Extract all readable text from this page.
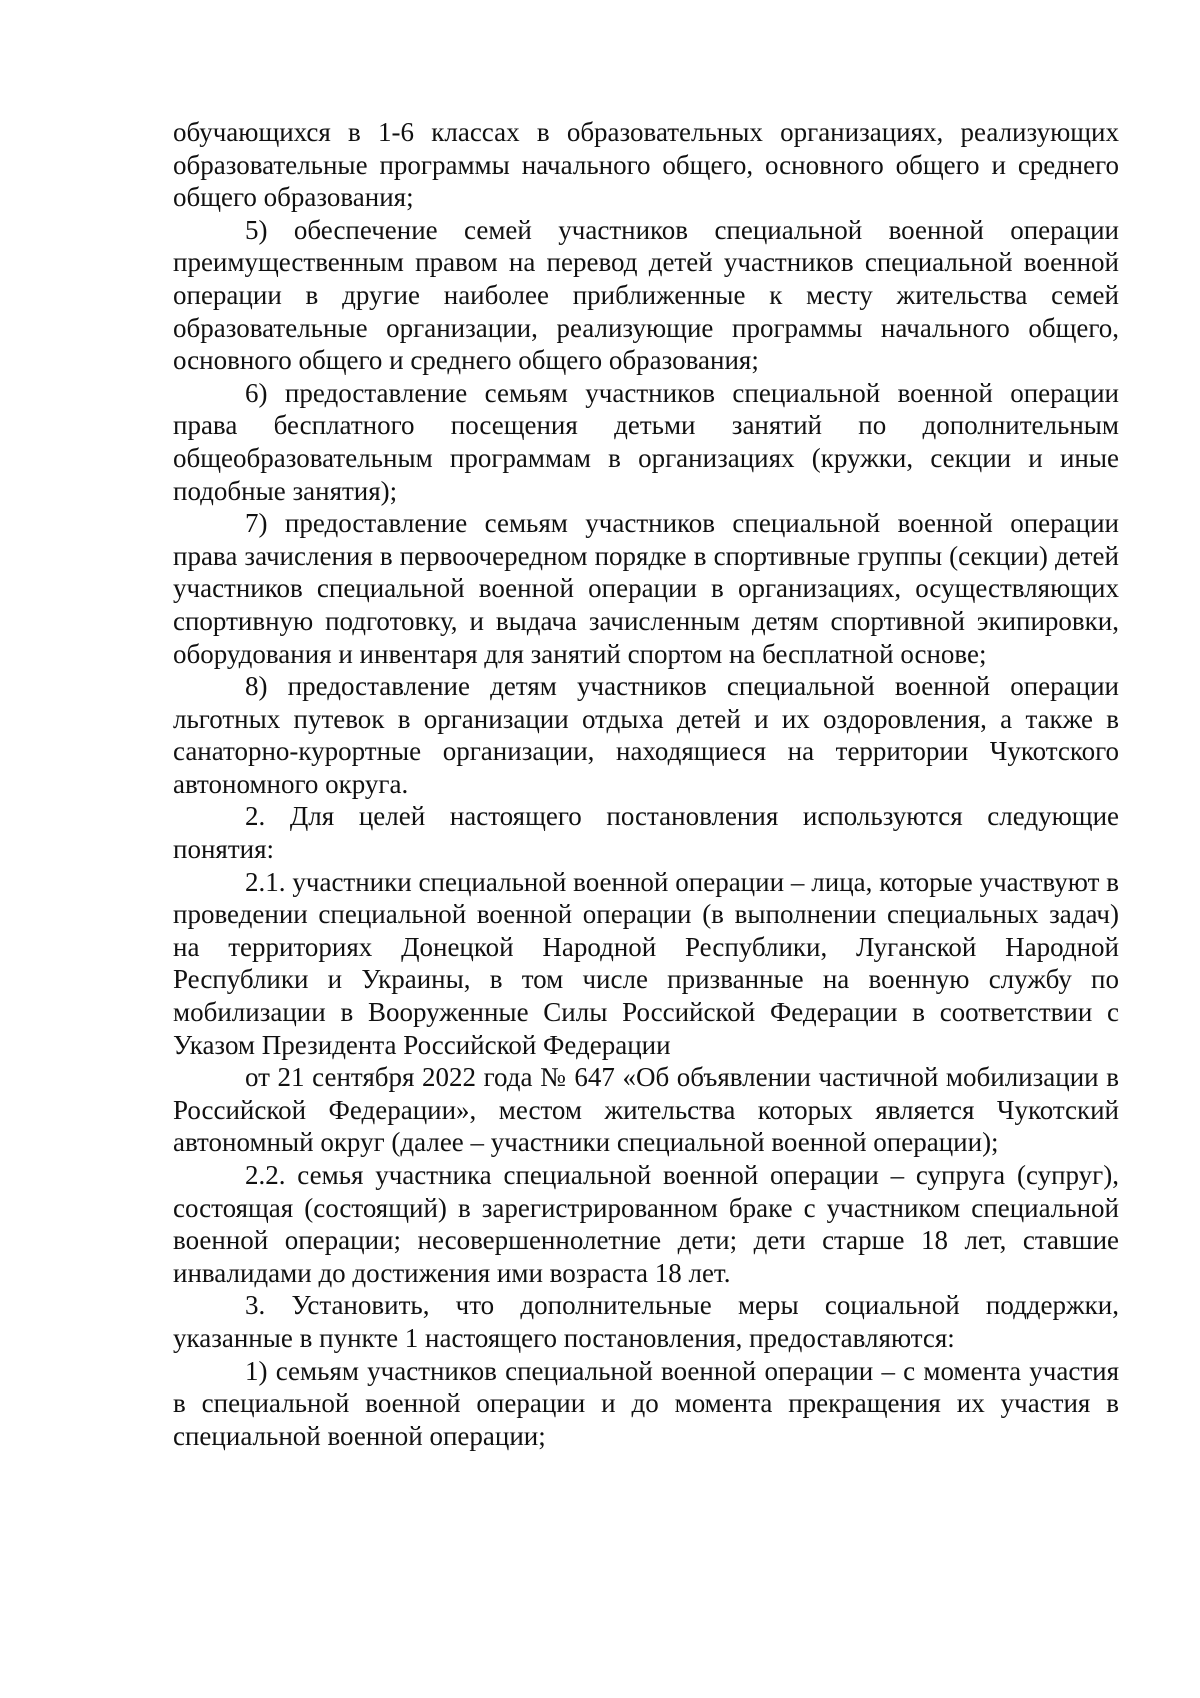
обучающихся в 1-6 классах в образовательных организациях, реализующих образовательные программы начального общего, основного общего и среднего общего образования;

5) обеспечение семей участников специальной военной операции преимущественным правом на перевод детей участников специальной военной операции в другие наиболее приближенные к месту жительства семей образовательные организации, реализующие программы начального общего, основного общего и среднего общего образования;

6) предоставление семьям участников специальной военной операции права бесплатного посещения детьми занятий по дополнительным общеобразовательным программам в организациях (кружки, секции и иные подобные занятия);

7) предоставление семьям участников специальной военной операции права зачисления в первоочередном порядке в спортивные группы (секции) детей участников специальной военной операции в организациях, осуществляющих спортивную подготовку, и выдача зачисленным детям спортивной экипировки, оборудования и инвентаря для занятий спортом на бесплатной основе;

8) предоставление детям участников специальной военной операции льготных путевок в организации отдыха детей и их оздоровления, а также в санаторно-курортные организации, находящиеся на территории Чукотского автономного округа.

2. Для целей настоящего постановления используются следующие понятия:

2.1. участники специальной военной операции – лица, которые участвуют в проведении специальной военной операции (в выполнении специальных задач) на территориях Донецкой Народной Республики, Луганской Народной Республики и Украины, в том числе призванные на военную службу по мобилизации в Вооруженные Силы Российской Федерации в соответствии с Указом Президента Российской Федерации

от 21 сентября 2022 года № 647 «Об объявлении частичной мобилизации в Российской Федерации», местом жительства которых является Чукотский автономный округ (далее – участники специальной военной операции);

2.2. семья участника специальной военной операции – супруга (супруг), состоящая (состоящий) в зарегистрированном браке с участником специальной военной операции; несовершеннолетние дети; дети старше 18 лет, ставшие инвалидами до достижения ими возраста 18 лет.

3. Установить, что дополнительные меры социальной поддержки, указанные в пункте 1 настоящего постановления, предоставляются:

1) семьям участников специальной военной операции – с момента участия в специальной военной операции и до момента прекращения их участия в специальной военной операции;
